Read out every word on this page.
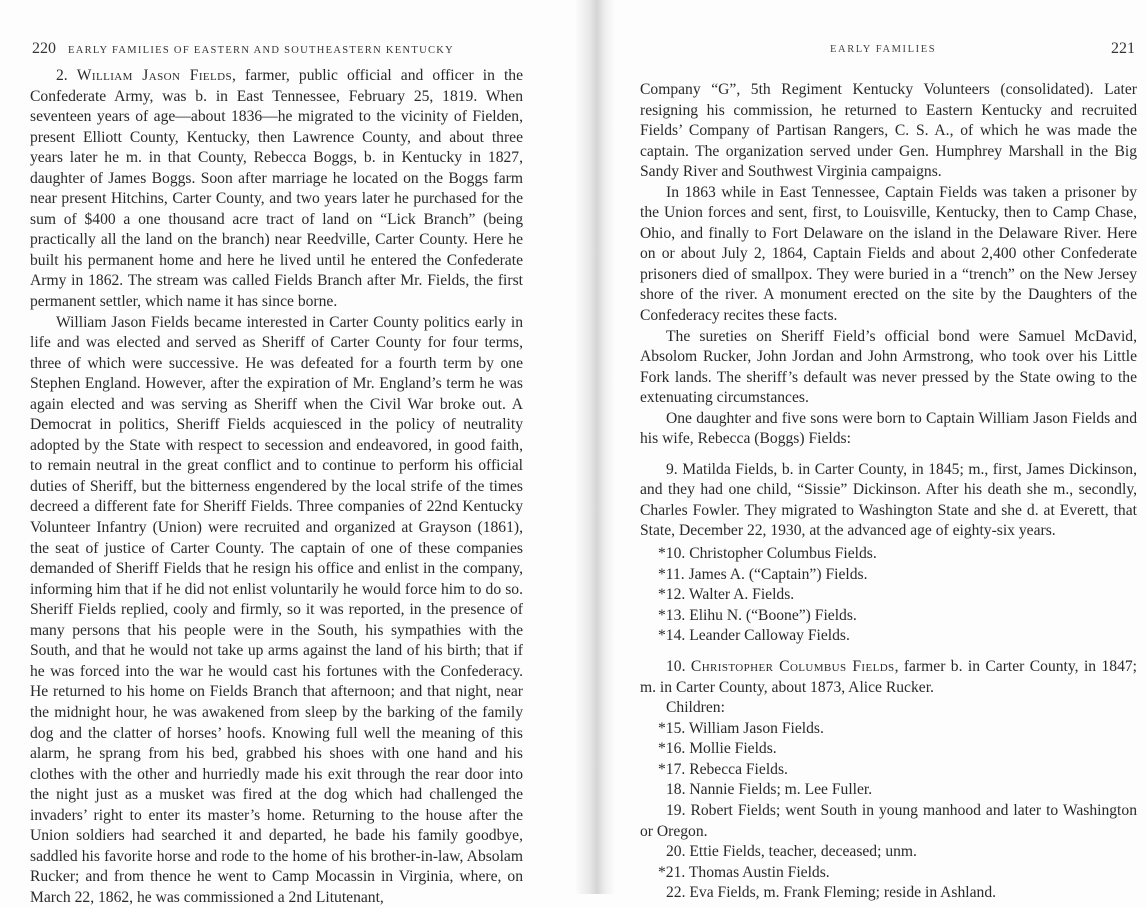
220 EARLY FAMILIES OF EASTERN AND SOUTHEASTERN KENTUCKY

2. William Jason Fields, farmer, public official and officer in the Confederate Army, was b. in East Tennessee, February 25, 1819. When seventeen years of age—about 1836—he migrated to the vicinity of Fielden, present Elliott County, Kentucky, then Lawrence County, and about three years later he m. in that County, Rebecca Boggs, b. in Kentucky in 1827, daughter of James Boggs. Soon after marriage he located on the Boggs farm near present Hitchins, Carter County, and two years later he purchased for the sum of $400 a one thousand acre tract of land on “Lick Branch” (being practically all the land on the branch) near Reedville, Carter County. Here he built his permanent home and here he lived until he entered the Confederate Army in 1862. The stream was called Fields Branch after Mr. Fields, the first permanent settler, which name it has since borne.

William Jason Fields became interested in Carter County politics early in life and was elected and served as Sheriff of Carter County for four terms, three of which were successive. He was defeated for a fourth term by one Stephen England. However, after the expiration of Mr. England’s term he was again elected and was serving as Sheriff when the Civil War broke out. A Democrat in politics, Sheriff Fields acquiesced in the policy of neutrality adopted by the State with respect to secession and endeavored, in good faith, to remain neutral in the great conflict and to continue to perform his official duties of Sheriff, but the bitterness engendered by the local strife of the times decreed a different fate for Sheriff Fields. Three companies of 22nd Kentucky Volunteer Infantry (Union) were recruited and organized at Grayson (1861), the seat of justice of Carter County. The captain of one of these companies demanded of Sheriff Fields that he resign his office and enlist in the company, informing him that if he did not enlist voluntarily he would force him to do so. Sheriff Fields replied, cooly and firmly, so it was reported, in the presence of many persons that his people were in the South, his sympathies with the South, and that he would not take up arms against the land of his birth; that if he was forced into the war he would cast his fortunes with the Confederacy. He returned to his home on Fields Branch that afternoon; and that night, near the midnight hour, he was awakened from sleep by the barking of the family dog and the clatter of horses’ hoofs. Knowing full well the meaning of this alarm, he sprang from his bed, grabbed his shoes with one hand and his clothes with the other and hurriedly made his exit through the rear door into the night just as a musket was fired at the dog which had challenged the invaders’ right to enter its master’s home. Returning to the house after the Union soldiers had searched it and departed, he bade his family goodbye, saddled his favorite horse and rode to the home of his brother-in-law, Absolam Rucker; and from thence he went to Camp Mocassin in Virginia, where, on March 22, 1862, he was commissioned a 2nd Litutenant,

EARLY FAMILIES	221

Company “G”, 5th Regiment Kentucky Volunteers (consolidated). Later resigning his commission, he returned to Eastern Kentucky and recruited Fields’ Company of Partisan Rangers, C. S. A., of which he was made the captain. The organization served under Gen. Humphrey Marshall in the Big Sandy River and Southwest Virginia campaigns.

In 1863 while in East Tennessee, Captain Fields was taken a prisoner by the Union forces and sent, first, to Louisville, Kentucky, then to Camp Chase, Ohio, and finally to Fort Delaware on the island in the Delaware River. Here on or about July 2, 1864, Captain Fields and about 2,400 other Confederate prisoners died of smallpox. They were buried in a “trench” on the New Jersey shore of the river. A monument erected on the site by the Daughters of the Confederacy recites these facts.

The sureties on Sheriff Field’s official bond were Samuel McDavid, Absolom Rucker, John Jordan and John Armstrong, who took over his Little Fork lands. The sheriff’s default was never pressed by the State owing to the extenuating circumstances.

One daughter and five sons were born to Captain William Jason Fields and his wife, Rebecca (Boggs) Fields:

9. Matilda Fields, b. in Carter County, in 1845; m., first, James Dickinson, and they had one child, “Sissie” Dickinson. After his death she m., secondly, Charles Fowler. They migrated to Washington State and she d. at Everett, that State, December 22, 1930, at the advanced age of eighty-six years.

*10. Christopher Columbus Fields.
*11. James A. (“Captain”) Fields.
*12. Walter A. Fields.
*13. Elihu N. (“Boone”) Fields.
*14. Leander Calloway Fields.

10. Christopher Columbus Fields, farmer b. in Carter County, in 1847; m. in Carter County, about 1873, Alice Rucker.

Children:

*15. William Jason Fields.
*16. Mollie Fields.
*17. Rebecca Fields.
18. Nannie Fields; m. Lee Fuller.

19. Robert Fields; went South in young manhood and later to Washington or Oregon.

20. Ettie Fields, teacher, deceased; unm.
*21. Thomas Austin Fields.
22. Eva Fields, m. Frank Fleming; reside in Ashland.
